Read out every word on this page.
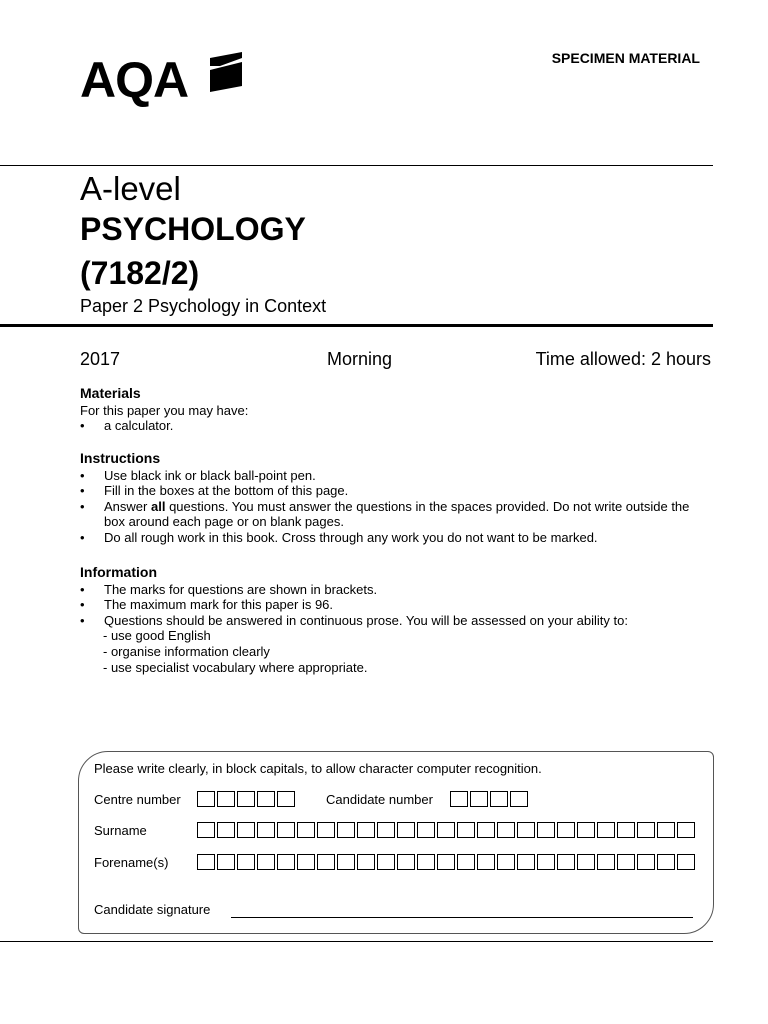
AQA	SPECIMEN MATERIAL
A-level
PSYCHOLOGY
(7182/2)
Paper 2 Psychology in Context
2017	Morning	Time allowed: 2 hours
Materials

For this paper you may have:

• a calculator.
Instructions
• Use black ink or black ball-point pen.
• Fill in the boxes at the bottom of this page.
• Answer all questions. You must answer the questions in the spaces provided. Do not write outside the box around each page or on blank pages.
• Do all rough work in this book. Cross through any work you do not want to be marked.
Information
• The marks for questions are shown in brackets.
• The maximum mark for this paper is 96.
• Questions should be answered in continuous prose. You will be assessed on your ability to:
- use good English
- organise information clearly
- use specialist vocabulary where appropriate.
Please write clearly, in block capitals, to allow character computer recognition.
Centre number	Candidate number
Surname
Forename(s)
Candidate signature
